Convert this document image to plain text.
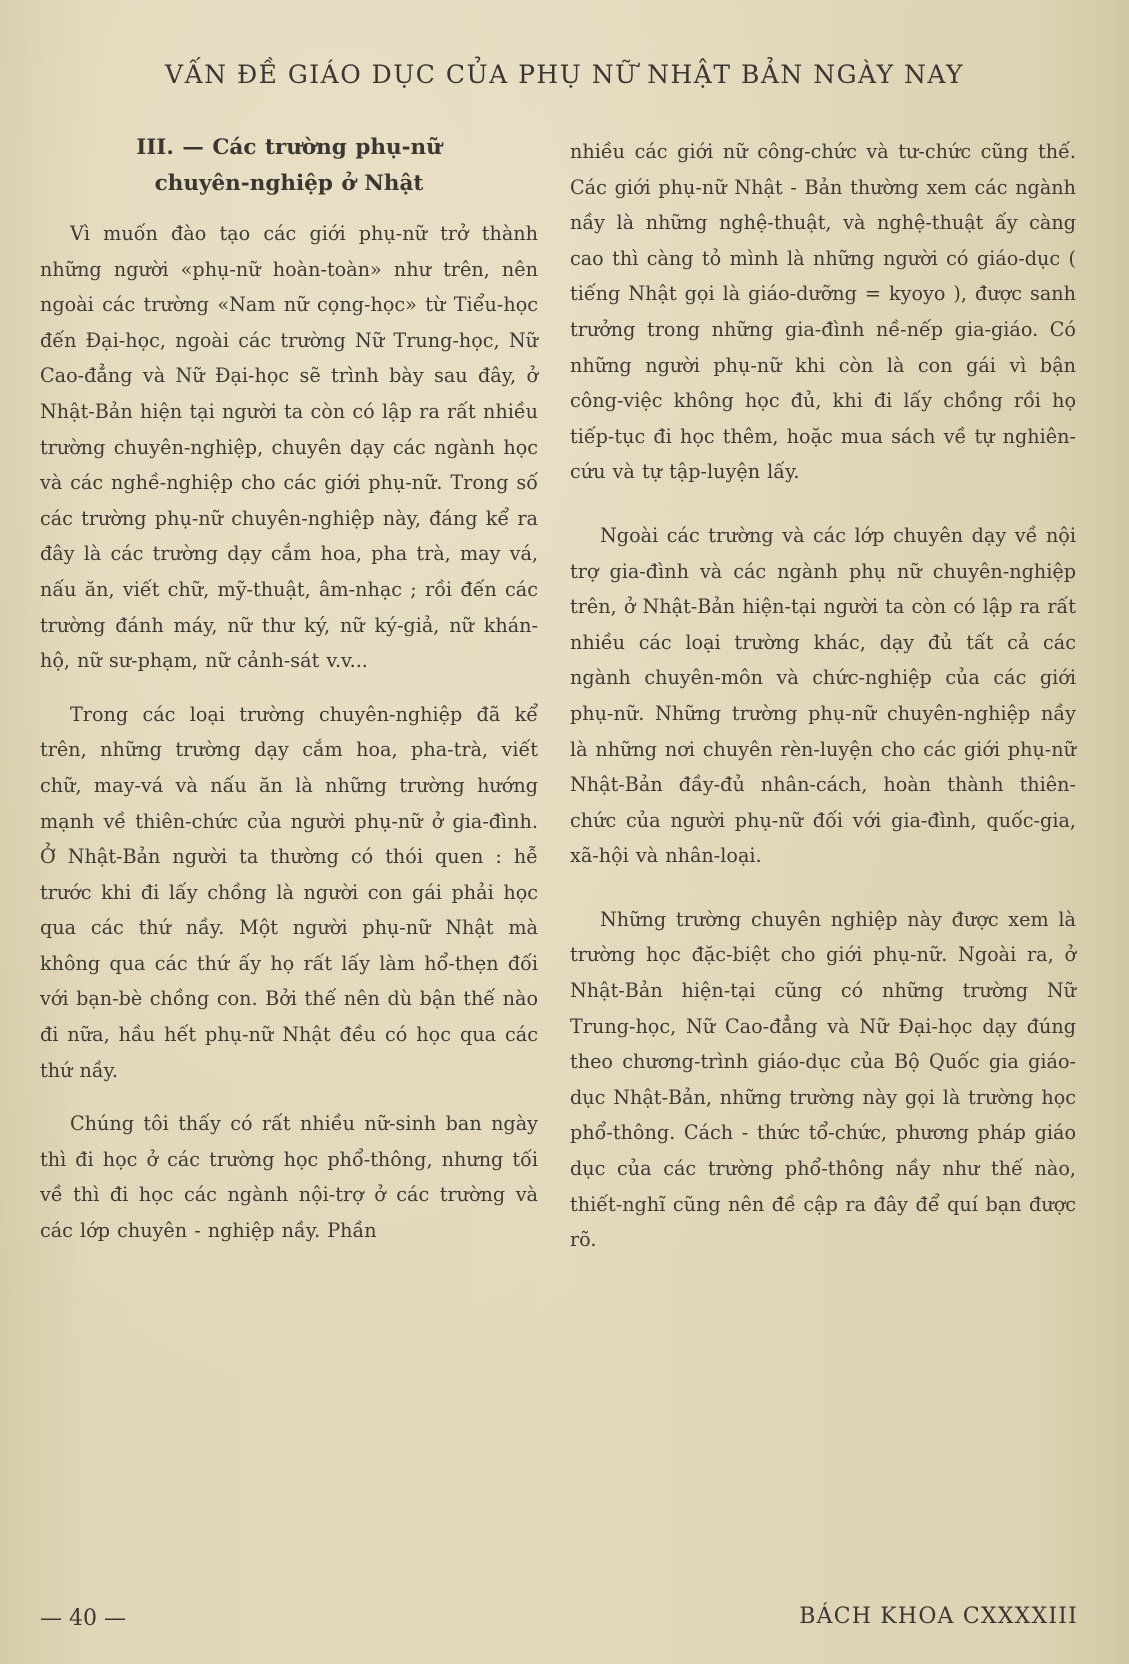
VẤN ĐỀ GIÁO DỤC CỦA PHỤ NỮ NHẬT BẢN NGÀY NAY
III. — Các trường phụ-nữ
chuyên-nghiệp ở Nhật

Vì muốn đào tạo các giới phụ-nữ trở thành những người «phụ-nữ hoàn-toàn» như trên, nên ngoài các trường «Nam nữ cọng-học» từ Tiểu-học đến Đại-học, ngoài các trường Nữ Trung-học, Nữ Cao-đẳng và Nữ Đại-học sẽ trình bày sau đây, ở Nhật-Bản hiện tại người ta còn có lập ra rất nhiều trường chuyên-nghiệp, chuyên dạy các ngành học và các nghề-nghiệp cho các giới phụ-nữ. Trong số các trường phụ-nữ chuyên-nghiệp này, đáng kể ra đây là các trường dạy cắm hoa, pha trà, may vá, nấu ăn, viết chữ, mỹ-thuật, âm-nhạc ; rồi đến các trường đánh máy, nữ thư ký, nữ ký-giả, nữ khán-hộ, nữ sư-phạm, nữ cảnh-sát v.v...

Trong các loại trường chuyên-nghiệp đã kể trên, những trường dạy cắm hoa, pha-trà, viết chữ, may-vá và nấu ăn là những trường hướng mạnh về thiên-chức của người phụ-nữ ở gia-đình. Ở Nhật-Bản người ta thường có thói quen : hễ trước khi đi lấy chồng là người con gái phải học qua các thứ nầy. Một người phụ-nữ Nhật mà không qua các thứ ấy họ rất lấy làm hổ-thẹn đối với bạn-bè chồng con. Bởi thế nên dù bận thế nào đi nữa, hầu hết phụ-nữ Nhật đều có học qua các thứ nầy.

Chúng tôi thấy có rất nhiều nữ-sinh ban ngày thì đi học ở các trường học phổ-thông, nhưng tối về thì đi học các ngành nội-trợ ở các trường và các lớp chuyên - nghiệp nầy. Phần

nhiều các giới nữ công-chức và tư-chức cũng thế. Các giới phụ-nữ Nhật - Bản thường xem các ngành nầy là những nghệ-thuật, và nghệ-thuật ấy càng cao thì càng tỏ mình là những người có giáo-dục ( tiếng Nhật gọi là giáo-dưỡng = kyoyo ), được sanh trưởng trong những gia-đình nề-nếp gia-giáo. Có những người phụ-nữ khi còn là con gái vì bận công-việc không học đủ, khi đi lấy chồng rồi họ tiếp-tục đi học thêm, hoặc mua sách về tự nghiên-cứu và tự tập-luyện lấy.

Ngoài các trường và các lớp chuyên dạy về nội trợ gia-đình và các ngành phụ nữ chuyên-nghiệp trên, ở Nhật-Bản hiện-tại người ta còn có lập ra rất nhiều các loại trường khác, dạy đủ tất cả các ngành chuyên-môn và chức-nghiệp của các giới phụ-nữ. Những trường phụ-nữ chuyên-nghiệp nầy là những nơi chuyên rèn-luyện cho các giới phụ-nữ Nhật-Bản đầy-đủ nhân-cách, hoàn thành thiên-chức của người phụ-nữ đối với gia-đình, quốc-gia, xã-hội và nhân-loại.

Những trường chuyên nghiệp này được xem là trường học đặc-biệt cho giới phụ-nữ. Ngoài ra, ở Nhật-Bản hiện-tại cũng có những trường Nữ Trung-học, Nữ Cao-đẳng và Nữ Đại-học dạy đúng theo chương-trình giáo-dục của Bộ Quốc gia giáo-dục Nhật-Bản, những trường này gọi là trường học phổ-thông. Cách - thức tổ-chức, phương pháp giáo dục của các trường phổ-thông nầy như thế nào, thiết-nghĩ cũng nên đề cập ra đây để quí bạn được rõ.

— 40 —	BÁCH KHOA CXXXXIII
